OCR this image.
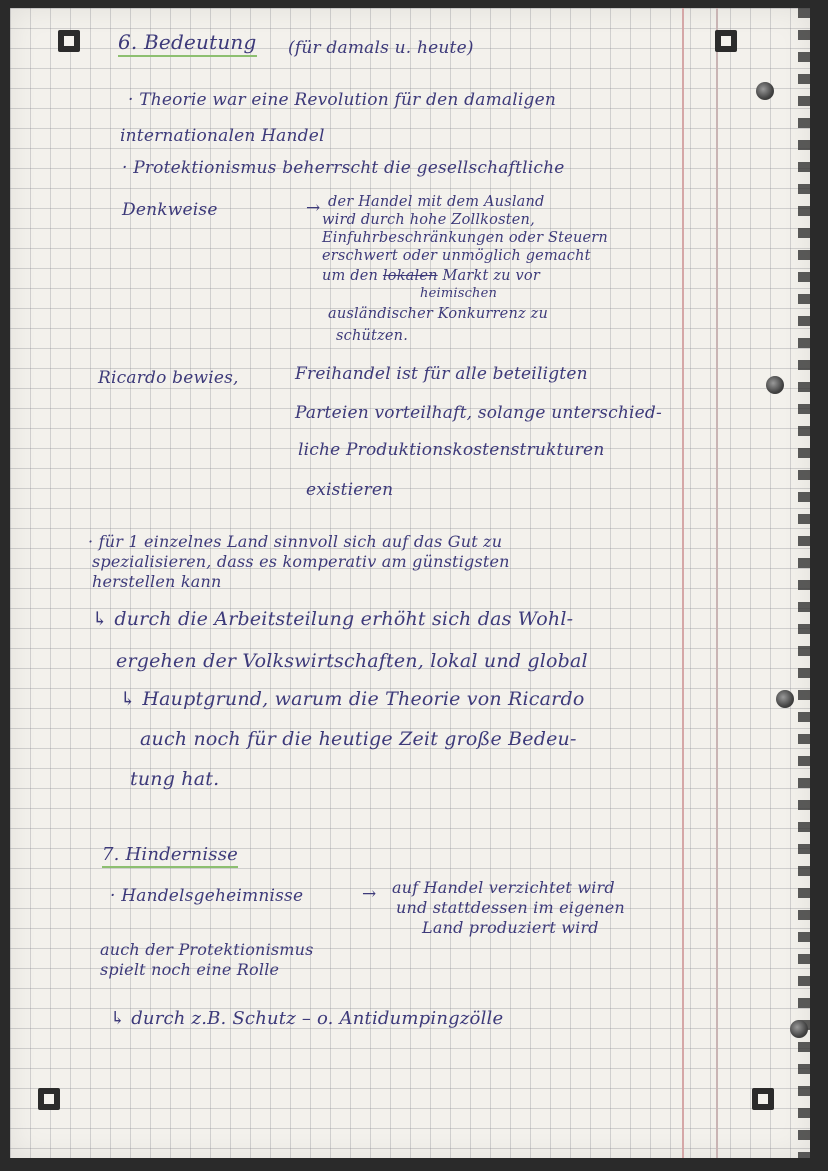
6. Bedeutung (für damals u. heute)
· Theorie war eine Revolution für den damaligen
internationalen Handel
· Protektionismus beherrscht die gesellschaftliche
Denkweise	→ der Handel mit dem Ausland
wird durch hohe Zollkosten,
Einfuhrbeschränkungen oder Steuern
erschwert oder unmöglich gemacht
um den lokalen Markt zu vor
heimischen
ausländischer Konkurrenz zu
schützen.
Ricardo bewies,	Freihandel ist für alle beteiligten
Parteien vorteilhaft, solange unterschied-
liche Produktionskostenstrukturen
existieren
· für 1 einzelnes Land sinnvoll sich auf das Gut zu
spezialisieren, dass es komperativ am günstigsten
herstellen kann
↳ durch die Arbeitsteilung erhöht sich das Wohl-
ergehen der Volkswirtschaften, lokal und global
↳ Hauptgrund, warum die Theorie von Ricardo
auch noch für die heutige Zeit große Bedeu-
tung hat.
7. Hindernisse
· Handelsgeheimnisse	→ auf Handel verzichtet wird
und stattdessen im eigenen
Land produziert wird
auch der Protektionismus
spielt noch eine Rolle
↳ durch z.B. Schutz – o. Antidumpingzölle
